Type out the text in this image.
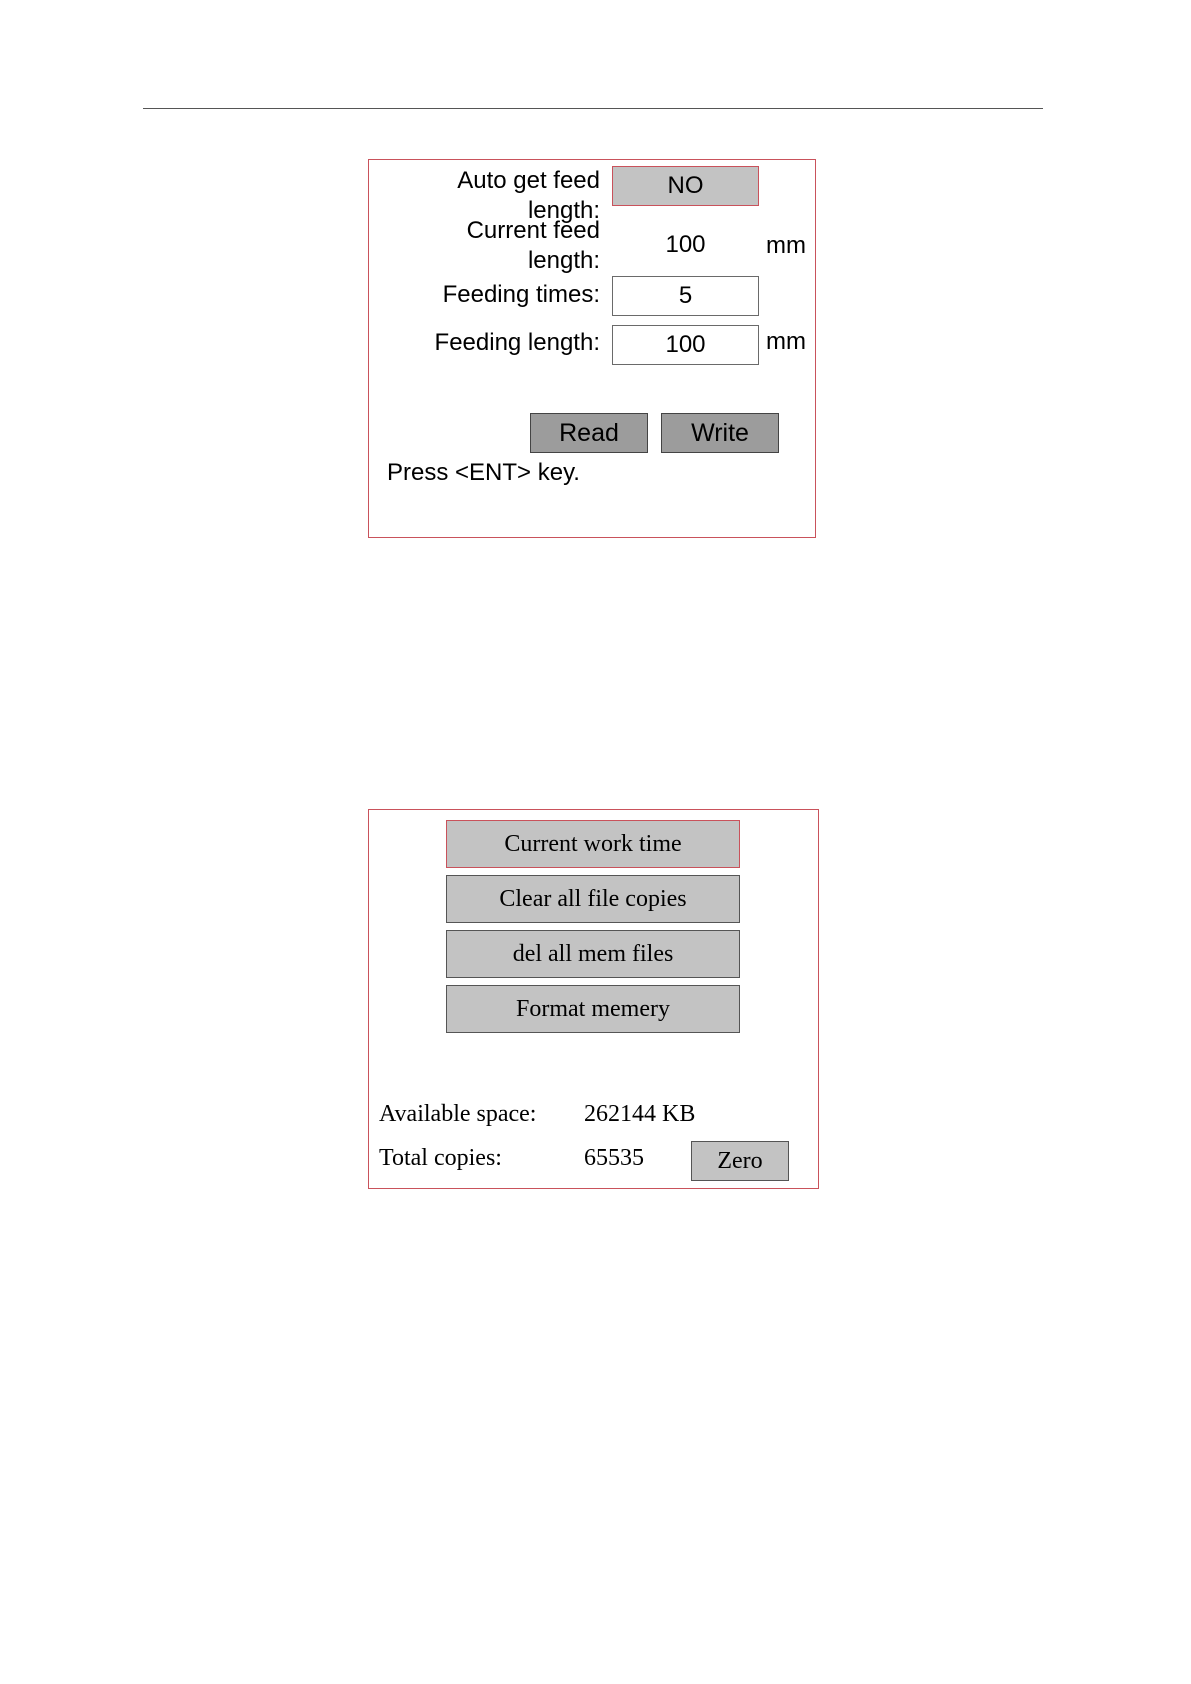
Auto get feed length:
NO
Current feed length:
100	mm
Feeding times:	5
Feeding length:	100	mm
Read	Write
Press <ENT> key.
Current work time
Clear all file copies
del all mem files
Format memery
Available space: 262144 KB
Total copies:	65535	Zero
